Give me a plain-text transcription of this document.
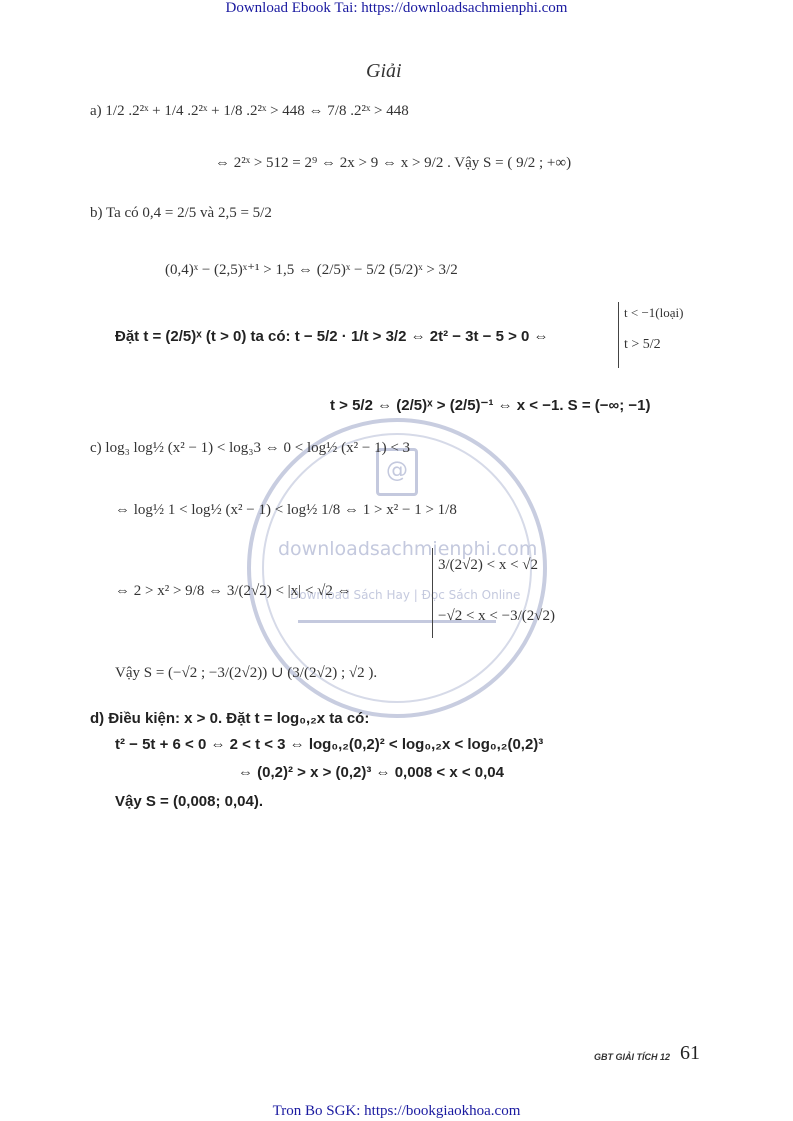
Download Ebook Tai: https://downloadsachmienphi.com
Tron Bo SGK: https://bookgiaokhoa.com
@
downloadsachmienphi.com
Download Sách Hay | Đọc Sách Online
Giải
a) 1/2 .2²ˣ + 1/4 .2²ˣ + 1/8 .2²ˣ > 448 ⇔ 7/8 .2²ˣ > 448
⇔ 2²ˣ > 512 = 2⁹ ⇔ 2x > 9 ⇔ x > 9/2 . Vậy S = ( 9/2 ; +∞)
b) Ta có 0,4 = 2/5 và 2,5 = 5/2
(0,4)ˣ − (2,5)ˣ⁺¹ > 1,5 ⇔ (2/5)ˣ − 5/2 (5/2)ˣ > 3/2
Đặt t = (2/5)ˣ (t > 0) ta có: t − 5/2 · 1/t > 3/2 ⇔ 2t² − 3t − 5 > 0 ⇔
t < −1(loại)
t > 5/2
t > 5/2 ⇔ (2/5)ˣ > (2/5)⁻¹ ⇔ x < −1. S = (−∞; −1)
c) log₃ log½ (x² − 1) < log₃3 ⇔ 0 < log½ (x² − 1) < 3
⇔ log½ 1 < log½ (x² − 1) < log½ 1/8 ⇔ 1 > x² − 1 > 1/8
⇔ 2 > x² > 9/8 ⇔ 3/(2√2) < |x| < √2 ⇔
3/(2√2) < x < √2
−√2 < x < −3/(2√2)
Vậy S = (−√2 ; −3/(2√2)) ∪ (3/(2√2) ; √2 ).
d) Điều kiện: x > 0. Đặt t = log₀,₂x ta có:
t² − 5t + 6 < 0 ⇔ 2 < t < 3 ⇔ log₀,₂(0,2)² < log₀,₂x < log₀,₂(0,2)³
⇔ (0,2)² > x > (0,2)³ ⇔ 0,008 < x < 0,04
Vậy S = (0,008; 0,04).
GBT GIẢI TÍCH 12 61
